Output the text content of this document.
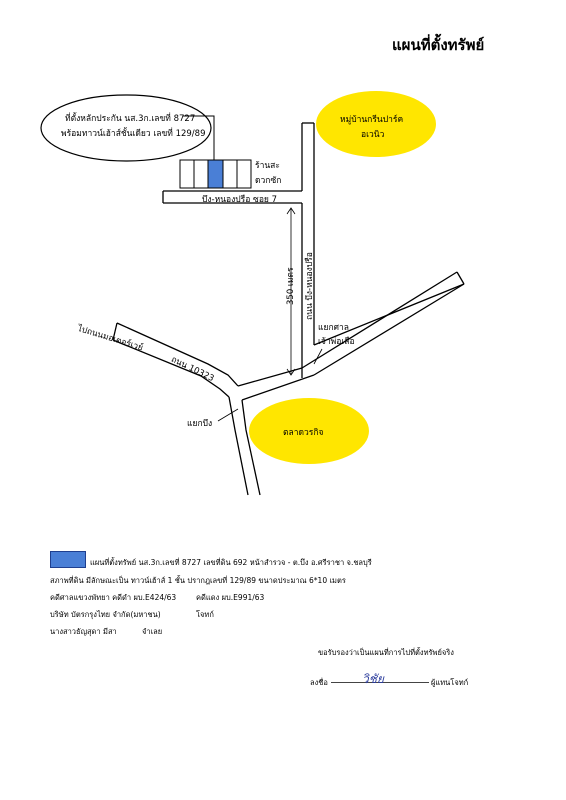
แผนที่ตั้งทรัพย์
ที่ตั้งหลักประกัน นส.3ก.เลขที่ 8727
พร้อมทาวน์เฮ้าส์ชั้นเดียว เลขที่ 129/89
หมู่บ้านกรีนปาร์ค
อเวนิว
ตลาดวรกิจ
ร้านสะ
ดวกซัก
บึง-หนองปรือ ซอย 7
ถนน บึง-หนองปรือ
350 เมตร
ถนน 10323
ไปถนนมอเตอร์เวย์	แยกศาล
เจ้าพ่อเสือ
แยกบึง
แผนที่ตั้งทรัพย์ นส.3ก.เลขที่ 8727 เลขที่ดิน 692 หน้าสำรวจ - ต.บึง อ.ศรีราชา จ.ชลบุรี
สภาพที่ดิน มีลักษณะเป็น ทาวน์เฮ้าส์ 1 ชั้น ปรากฎเลขที่ 129/89 ขนาดประมาณ 6*10 เมตร
คดีศาลแขวงพัทยา คดีดำ ผบ.E424/63	คดีแดง ผบ.E991/63
บริษัท บัตรกรุงไทย จำกัด(มหาชน)	โจทก์
นางสาวธัญสุดา มีสา	จำเลย
ขอรับรองว่าเป็นแผนที่การไปที่ตั้งทรัพย์จริง
ลงชื่อ	วิชัย	ผู้แทนโจทก์
